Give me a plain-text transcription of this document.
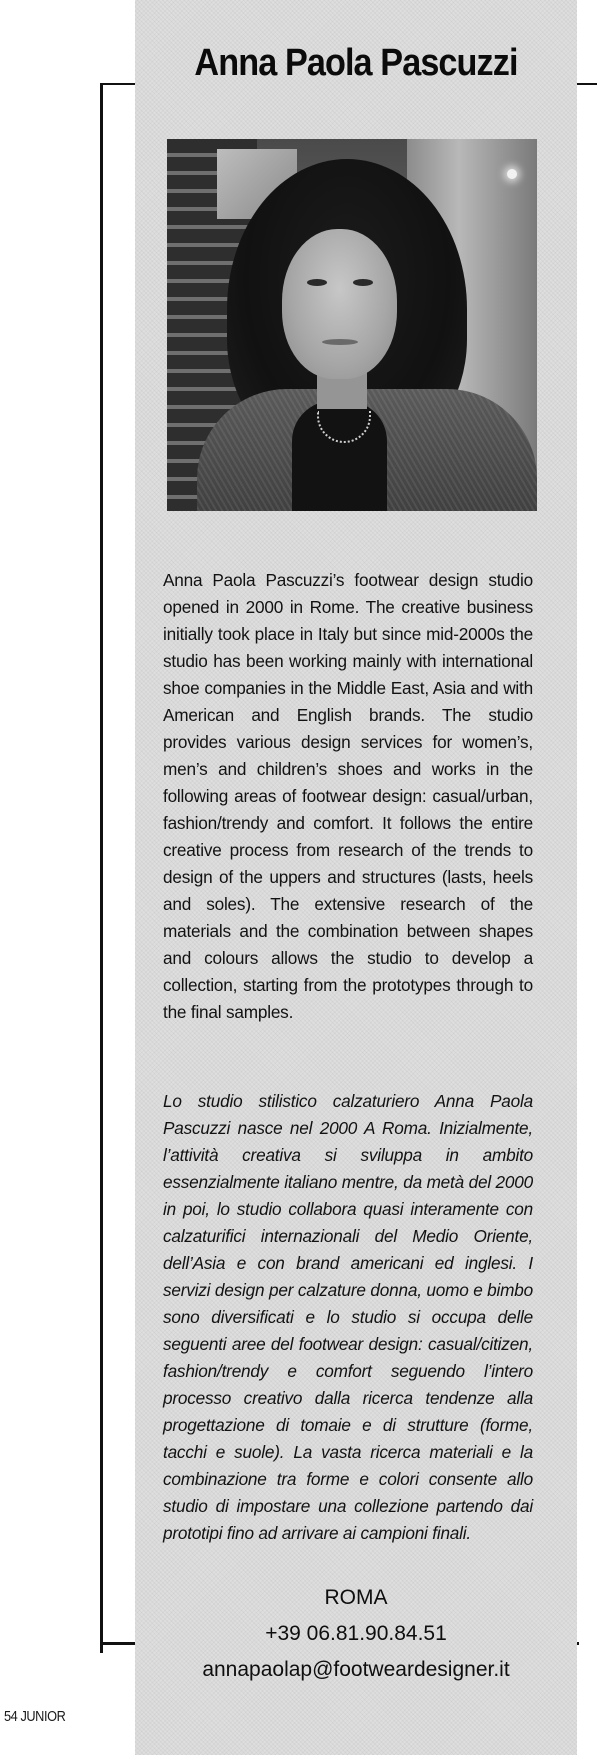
Anna Paola Pascuzzi

Anna Paola Pascuzzi’s footwear design studio opened in 2000 in Rome. The creative business initially took place in Italy but since mid-2000s the studio has been working mainly with international shoe companies in the Middle East, Asia and with American and English brands. The studio provides various design services for women’s, men’s and children’s shoes and works in the following areas of footwear design: casual/urban, fashion/trendy and comfort. It follows the entire creative process from research of the trends to design of the uppers and structures (lasts, heels and soles). The extensive research of the materials and the combination between shapes and colours allows the studio to develop a collection, starting from the prototypes through to the final samples.

Lo studio stilistico calzaturiero Anna Paola Pascuzzi nasce nel 2000 A Roma. Inizialmente, l’attività creativa si sviluppa in ambito essenzialmente italiano mentre, da metà del 2000 in poi, lo studio collabora quasi interamente con calzaturifici internazionali del Medio Oriente, dell’Asia e con brand americani ed inglesi. I servizi design per calzature donna, uomo e bimbo sono diversificati e lo studio si occupa delle seguenti aree del footwear design: casual/citizen, fashion/trendy e comfort seguendo l’intero processo creativo dalla ricerca tendenze alla progettazione di tomaie e di strutture (forme, tacchi e suole). La vasta ricerca materiali e la combinazione tra forme e colori consente allo studio di impostare una collezione partendo dai prototipi fino ad arrivare ai campioni finali.

ROMA

+39 06.81.90.84.51

annapaolap@footweardesigner.it

54 JUNIOR
